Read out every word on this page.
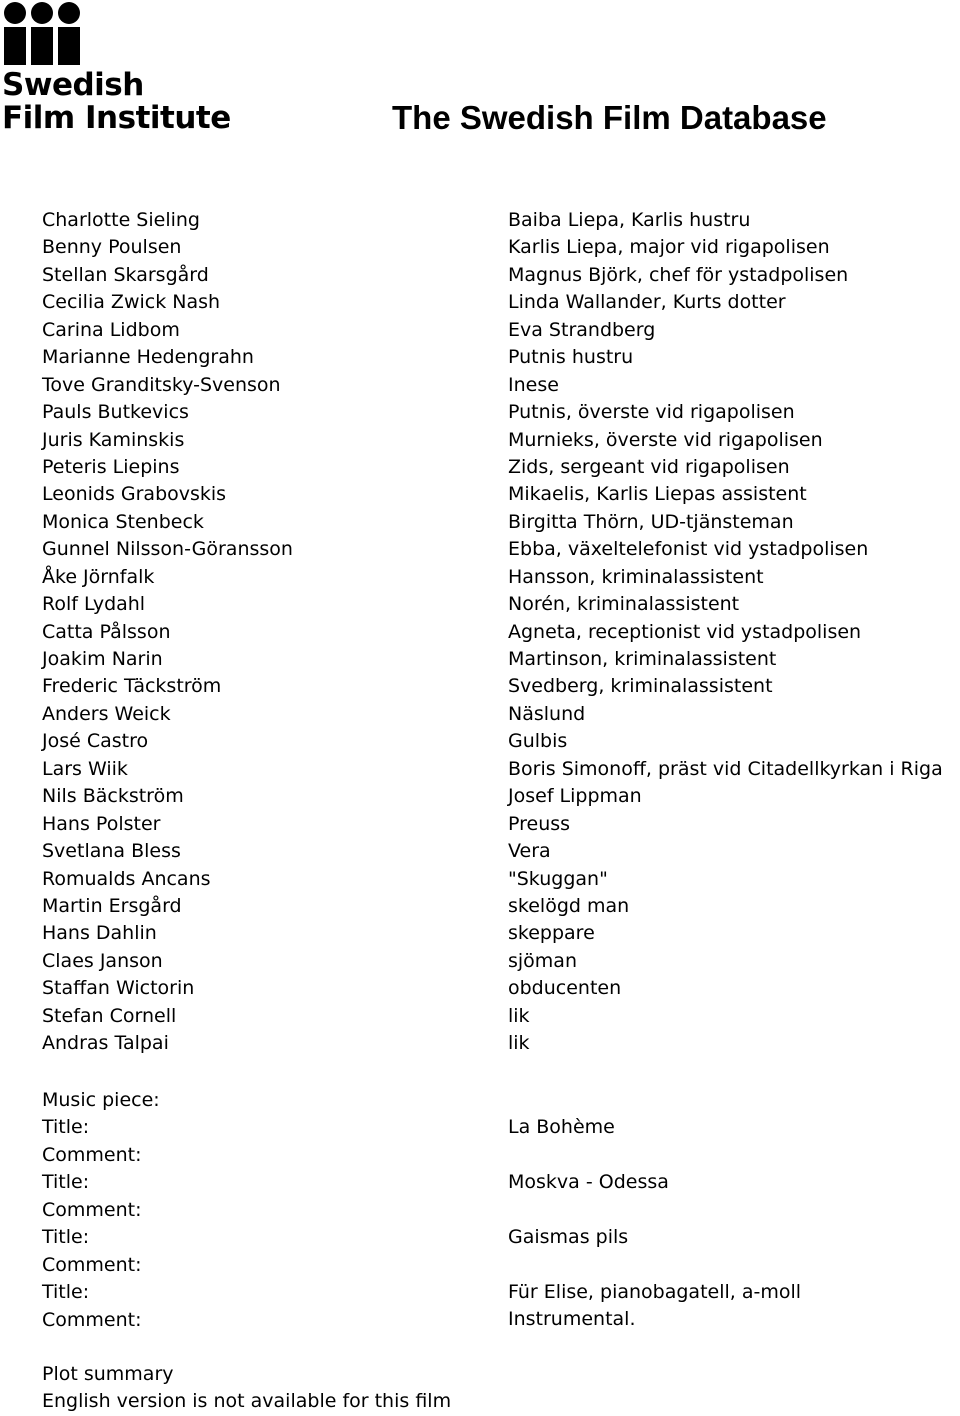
Swedish
Film Institute	The Swedish Film Database
Charlotte Sieling
Benny Poulsen
Stellan Skarsgård
Cecilia Zwick Nash
Carina Lidbom
Marianne Hedengrahn
Tove Granditsky-Svenson
Pauls Butkevics
Juris Kaminskis
Peteris Liepins
Leonids Grabovskis
Monica Stenbeck
Gunnel Nilsson-Göransson
Åke Jörnfalk
Rolf Lydahl
Catta Pålsson
Joakim Narin
Frederic Täckström
Anders Weick
José Castro
Lars Wiik
Nils Bäckström
Hans Polster
Svetlana Bless
Romualds Ancans
Martin Ersgård
Hans Dahlin
Claes Janson
Staffan Wictorin
Stefan Cornell
Andras Talpai
Baiba Liepa, Karlis hustru
Karlis Liepa, major vid rigapolisen
Magnus Björk, chef för ystadpolisen
Linda Wallander, Kurts dotter
Eva Strandberg
Putnis hustru
Inese
Putnis, överste vid rigapolisen
Murnieks, överste vid rigapolisen
Zids, sergeant vid rigapolisen
Mikaelis, Karlis Liepas assistent
Birgitta Thörn, UD-tjänsteman
Ebba, växeltelefonist vid ystadpolisen
Hansson, kriminalassistent
Norén, kriminalassistent
Agneta, receptionist vid ystadpolisen
Martinson, kriminalassistent
Svedberg, kriminalassistent
Näslund
Gulbis
Boris Simonoff, präst vid Citadellkyrkan i Riga
Josef Lippman
Preuss
Vera
"Skuggan"
skelögd man
skeppare
sjöman
obducenten
lik
lik
Music piece:
Title:
Comment:
Title:
Comment:
Title:
Comment:
Title:
Comment:
La Bohème
Moskva - Odessa
Gaismas pils
Für Elise, pianobagatell, a-moll
Instrumental.
Plot summary
English version is not available for this film
